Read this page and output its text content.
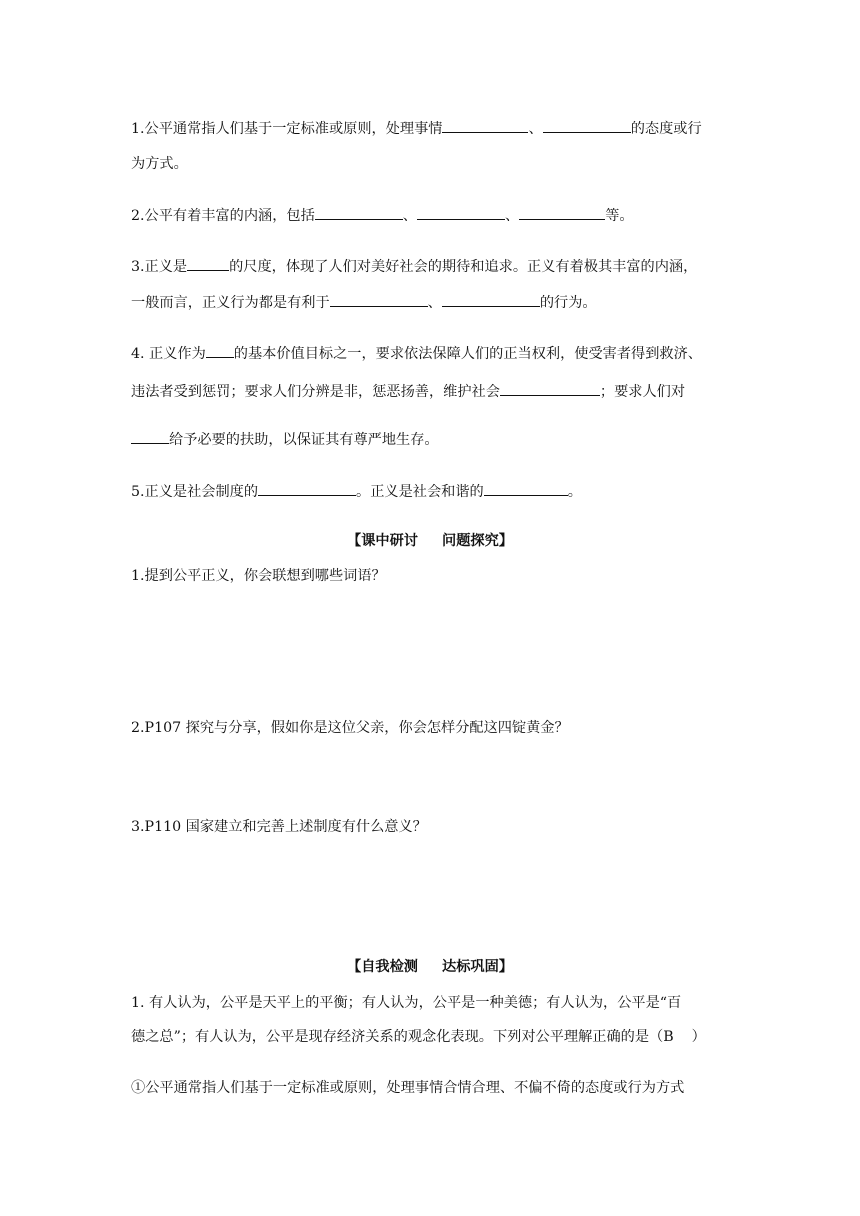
1.公平通常指人们基于一定标准或原则，处理事情	、	的态度或行
为方式。
2.公平有着丰富的内涵，包括	、	、	等。
3.正义是	的尺度，体现了人们对美好社会的期待和追求。正义有着极其丰富的内涵，
一般而言，正义行为都是有利于	、	的行为。
4. 正义作为 的基本价值目标之一，要求依法保障人们的正当权利，使受害者得到救济、
违法者受到惩罚；要求人们分辨是非，惩恶扬善，维护社会	；要求人们对
给予必要的扶助，以保证其有尊严地生存。
5.正义是社会制度的	。正义是社会和谐的	。
【课中研讨 问题探究】
1.提到公平正义，你会联想到哪些词语？
2.P107 探究与分享，假如你是这位父亲，你会怎样分配这四锭黄金？
3.P110 国家建立和完善上述制度有什么意义？
【自我检测 达标巩固】
1. 有人认为，公平是天平上的平衡；有人认为，公平是一种美德；有人认为，公平是“百
德之总”；有人认为，公平是现存经济关系的观念化表现。下列对公平理解正确的是（B ）
①公平通常指人们基于一定标准或原则，处理事情合情合理、不偏不倚的态度或行为方式
